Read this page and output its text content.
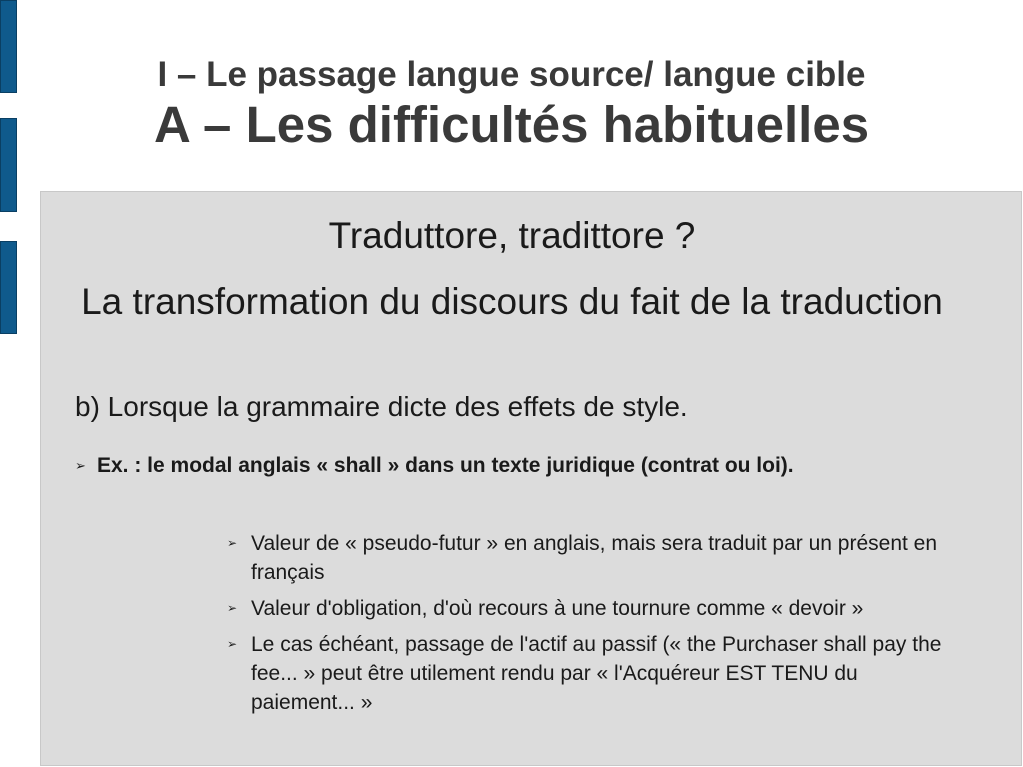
I – Le passage langue source/ langue cible
A – Les difficultés habituelles
Traduttore, tradittore ?
La transformation du discours du fait de la traduction
b) Lorsque la grammaire dicte des effets de style.
➢ Ex. : le modal anglais « shall » dans un texte juridique (contrat ou loi).
➢ Valeur de « pseudo-futur » en anglais, mais sera traduit par un présent en français
➢ Valeur d'obligation, d'où recours à une tournure comme « devoir »
➢ Le cas échéant, passage de l'actif au passif (« the Purchaser shall pay the fee... » peut être utilement rendu par « l'Acquéreur EST TENU du paiement... »
